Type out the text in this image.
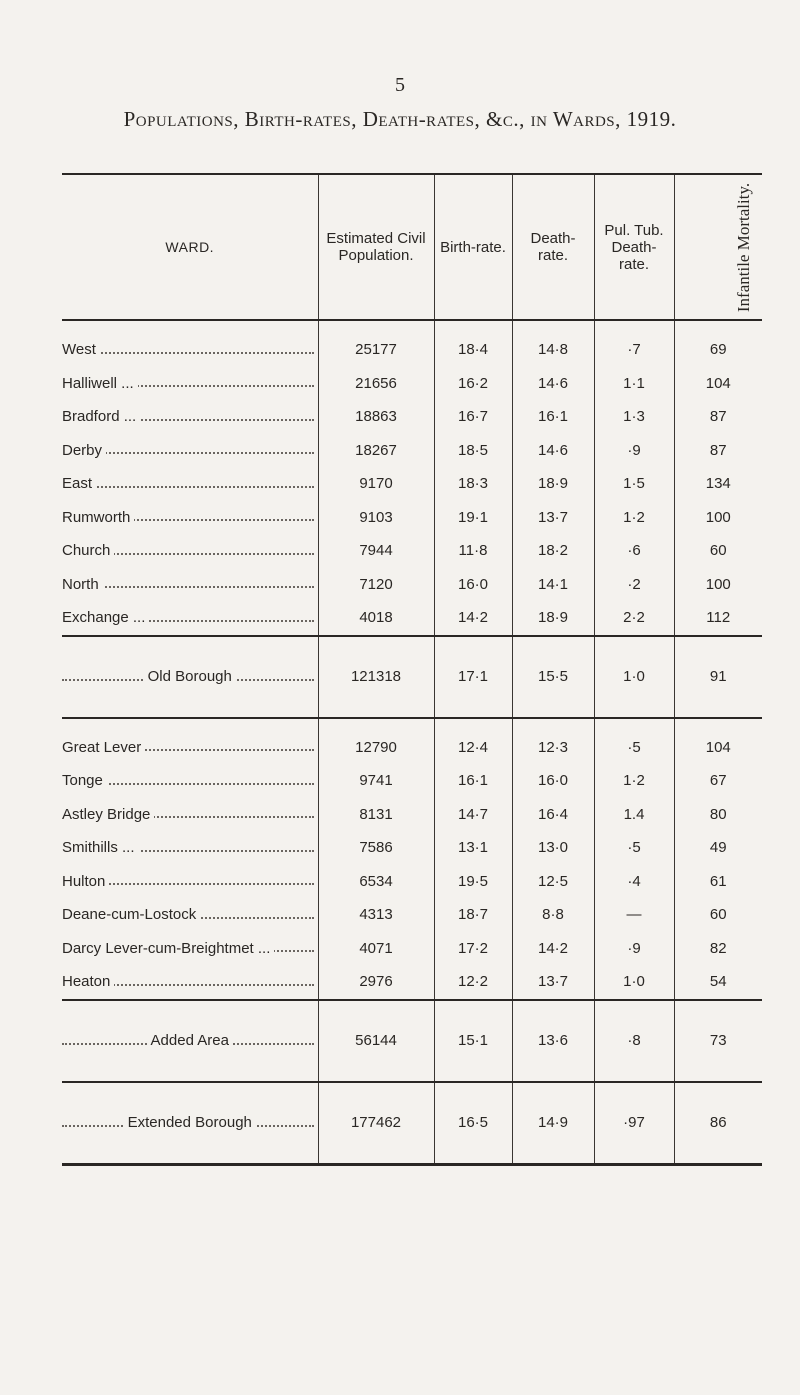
5
Populations, Birth-rates, Death-rates, &c., in Wards, 1919.
WARD.	Estimated Civil Population.	Birth-rate.	Death-rate.	Pul. Tub. Death-rate.	Infantile Mortality.

West	25177	18·4	14·8	·7	69

Halliwell ...	21656	16·2	14·6	1·1	104

Bradford ...	18863	16·7	16·1	1·3	87

Derby	18267	18·5	14·6	·9	87

East	9170	18·3	18·9	1·5	134

Rumworth	9103	19·1	13·7	1·2	100

Church	7944	11·8	18·2	·6	60

North	7120	16·0	14·1	·2	100

Exchange ...	4018	14·2	18·9	2·2	112

Old Borough	121318	17·1	15·5	1·0	91

Great Lever	12790	12·4	12·3	·5	104

Tonge	9741	16·1	16·0	1·2	67

Astley Bridge	8131	14·7	16·4	1.4	80

Smithills ...	7586	13·1	13·0	·5	49

Hulton	6534	19·5	12·5	·4	61

Deane-cum-Lostock	4313	18·7	8·8	—	60

Darcy Lever-cum-Breightmet ...	4071	17·2	14·2	·9	82

Heaton	2976	12·2	13·7	1·0	54

Added Area	56144	15·1	13·6	·8	73

Extended Borough	177462	16·5	14·9	·97	86
